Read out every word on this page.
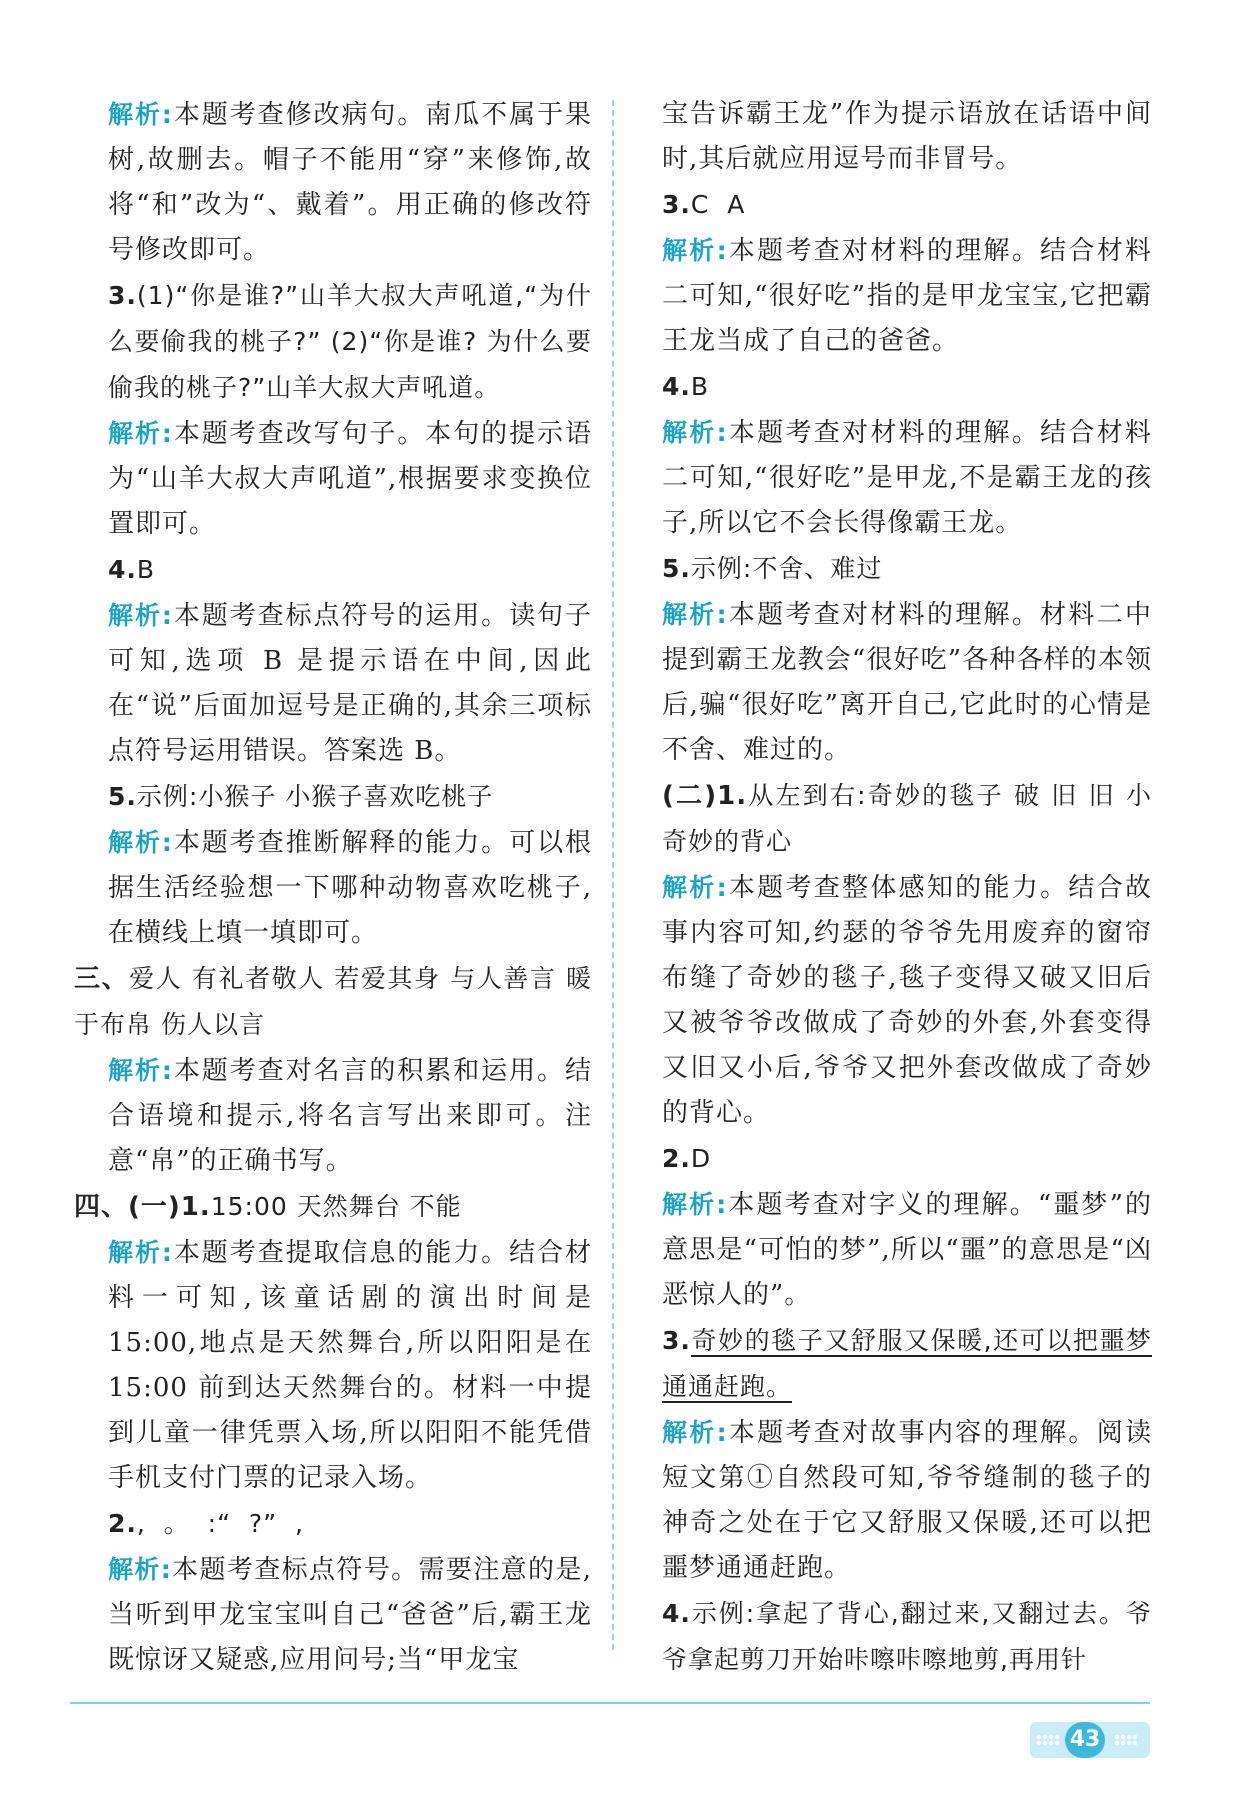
解析:本题考查修改病句。南瓜不属于果树,故删去。帽子不能用“穿”来修饰,故将“和”改为“、戴着”。用正确的修改符号修改即可。

3.(1)“你是谁?”山羊大叔大声吼道,“为什么要偷我的桃子?” (2)“你是谁? 为什么要偷我的桃子?”山羊大叔大声吼道。

解析:本题考查改写句子。本句的提示语为“山羊大叔大声吼道”,根据要求变换位置即可。

4.B

解析:本题考查标点符号的运用。读句子可知,选项 B 是提示语在中间,因此在“说”后面加逗号是正确的,其余三项标点符号运用错误。答案选 B。

5.示例:小猴子 小猴子喜欢吃桃子

解析:本题考查推断解释的能力。可以根据生活经验想一下哪种动物喜欢吃桃子,在横线上填一填即可。

三、爱人 有礼者敬人 若爱其身 与人善言 暖于布帛 伤人以言

解析:本题考查对名言的积累和运用。结合语境和提示,将名言写出来即可。注意“帛”的正确书写。

四、(一)1.15:00 天然舞台 不能

解析:本题考查提取信息的能力。结合材料一可知,该童话剧的演出时间是 15:00,地点是天然舞台,所以阳阳是在 15:00 前到达天然舞台的。材料一中提到儿童一律凭票入场,所以阳阳不能凭借手机支付门票的记录入场。

2.,  。  :“  ?”  ,

解析:本题考查标点符号。需要注意的是,当听到甲龙宝宝叫自己“爸爸”后,霸王龙既惊讶又疑惑,应用问号;当“甲龙宝

宝告诉霸王龙”作为提示语放在话语中间时,其后就应用逗号而非冒号。

3.C  A

解析:本题考查对材料的理解。结合材料二可知,“很好吃”指的是甲龙宝宝,它把霸王龙当成了自己的爸爸。

4.B

解析:本题考查对材料的理解。结合材料二可知,“很好吃”是甲龙,不是霸王龙的孩子,所以它不会长得像霸王龙。

5.示例:不舍、难过

解析:本题考查对材料的理解。材料二中提到霸王龙教会“很好吃”各种各样的本领后,骗“很好吃”离开自己,它此时的心情是不舍、难过的。

(二)1.从左到右:奇妙的毯子 破 旧 旧 小 奇妙的背心

解析:本题考查整体感知的能力。结合故事内容可知,约瑟的爷爷先用废弃的窗帘布缝了奇妙的毯子,毯子变得又破又旧后又被爷爷改做成了奇妙的外套,外套变得又旧又小后,爷爷又把外套改做成了奇妙的背心。

2.D

解析:本题考查对字义的理解。“噩梦”的意思是“可怕的梦”,所以“噩”的意思是“凶恶惊人的”。

3.奇妙的毯子又舒服又保暖,还可以把噩梦通通赶跑。

解析:本题考查对故事内容的理解。阅读短文第①自然段可知,爷爷缝制的毯子的神奇之处在于它又舒服又保暖,还可以把噩梦通通赶跑。

4.示例:拿起了背心,翻过来,又翻过去。爷爷拿起剪刀开始咔嚓咔嚓地剪,再用针

43
